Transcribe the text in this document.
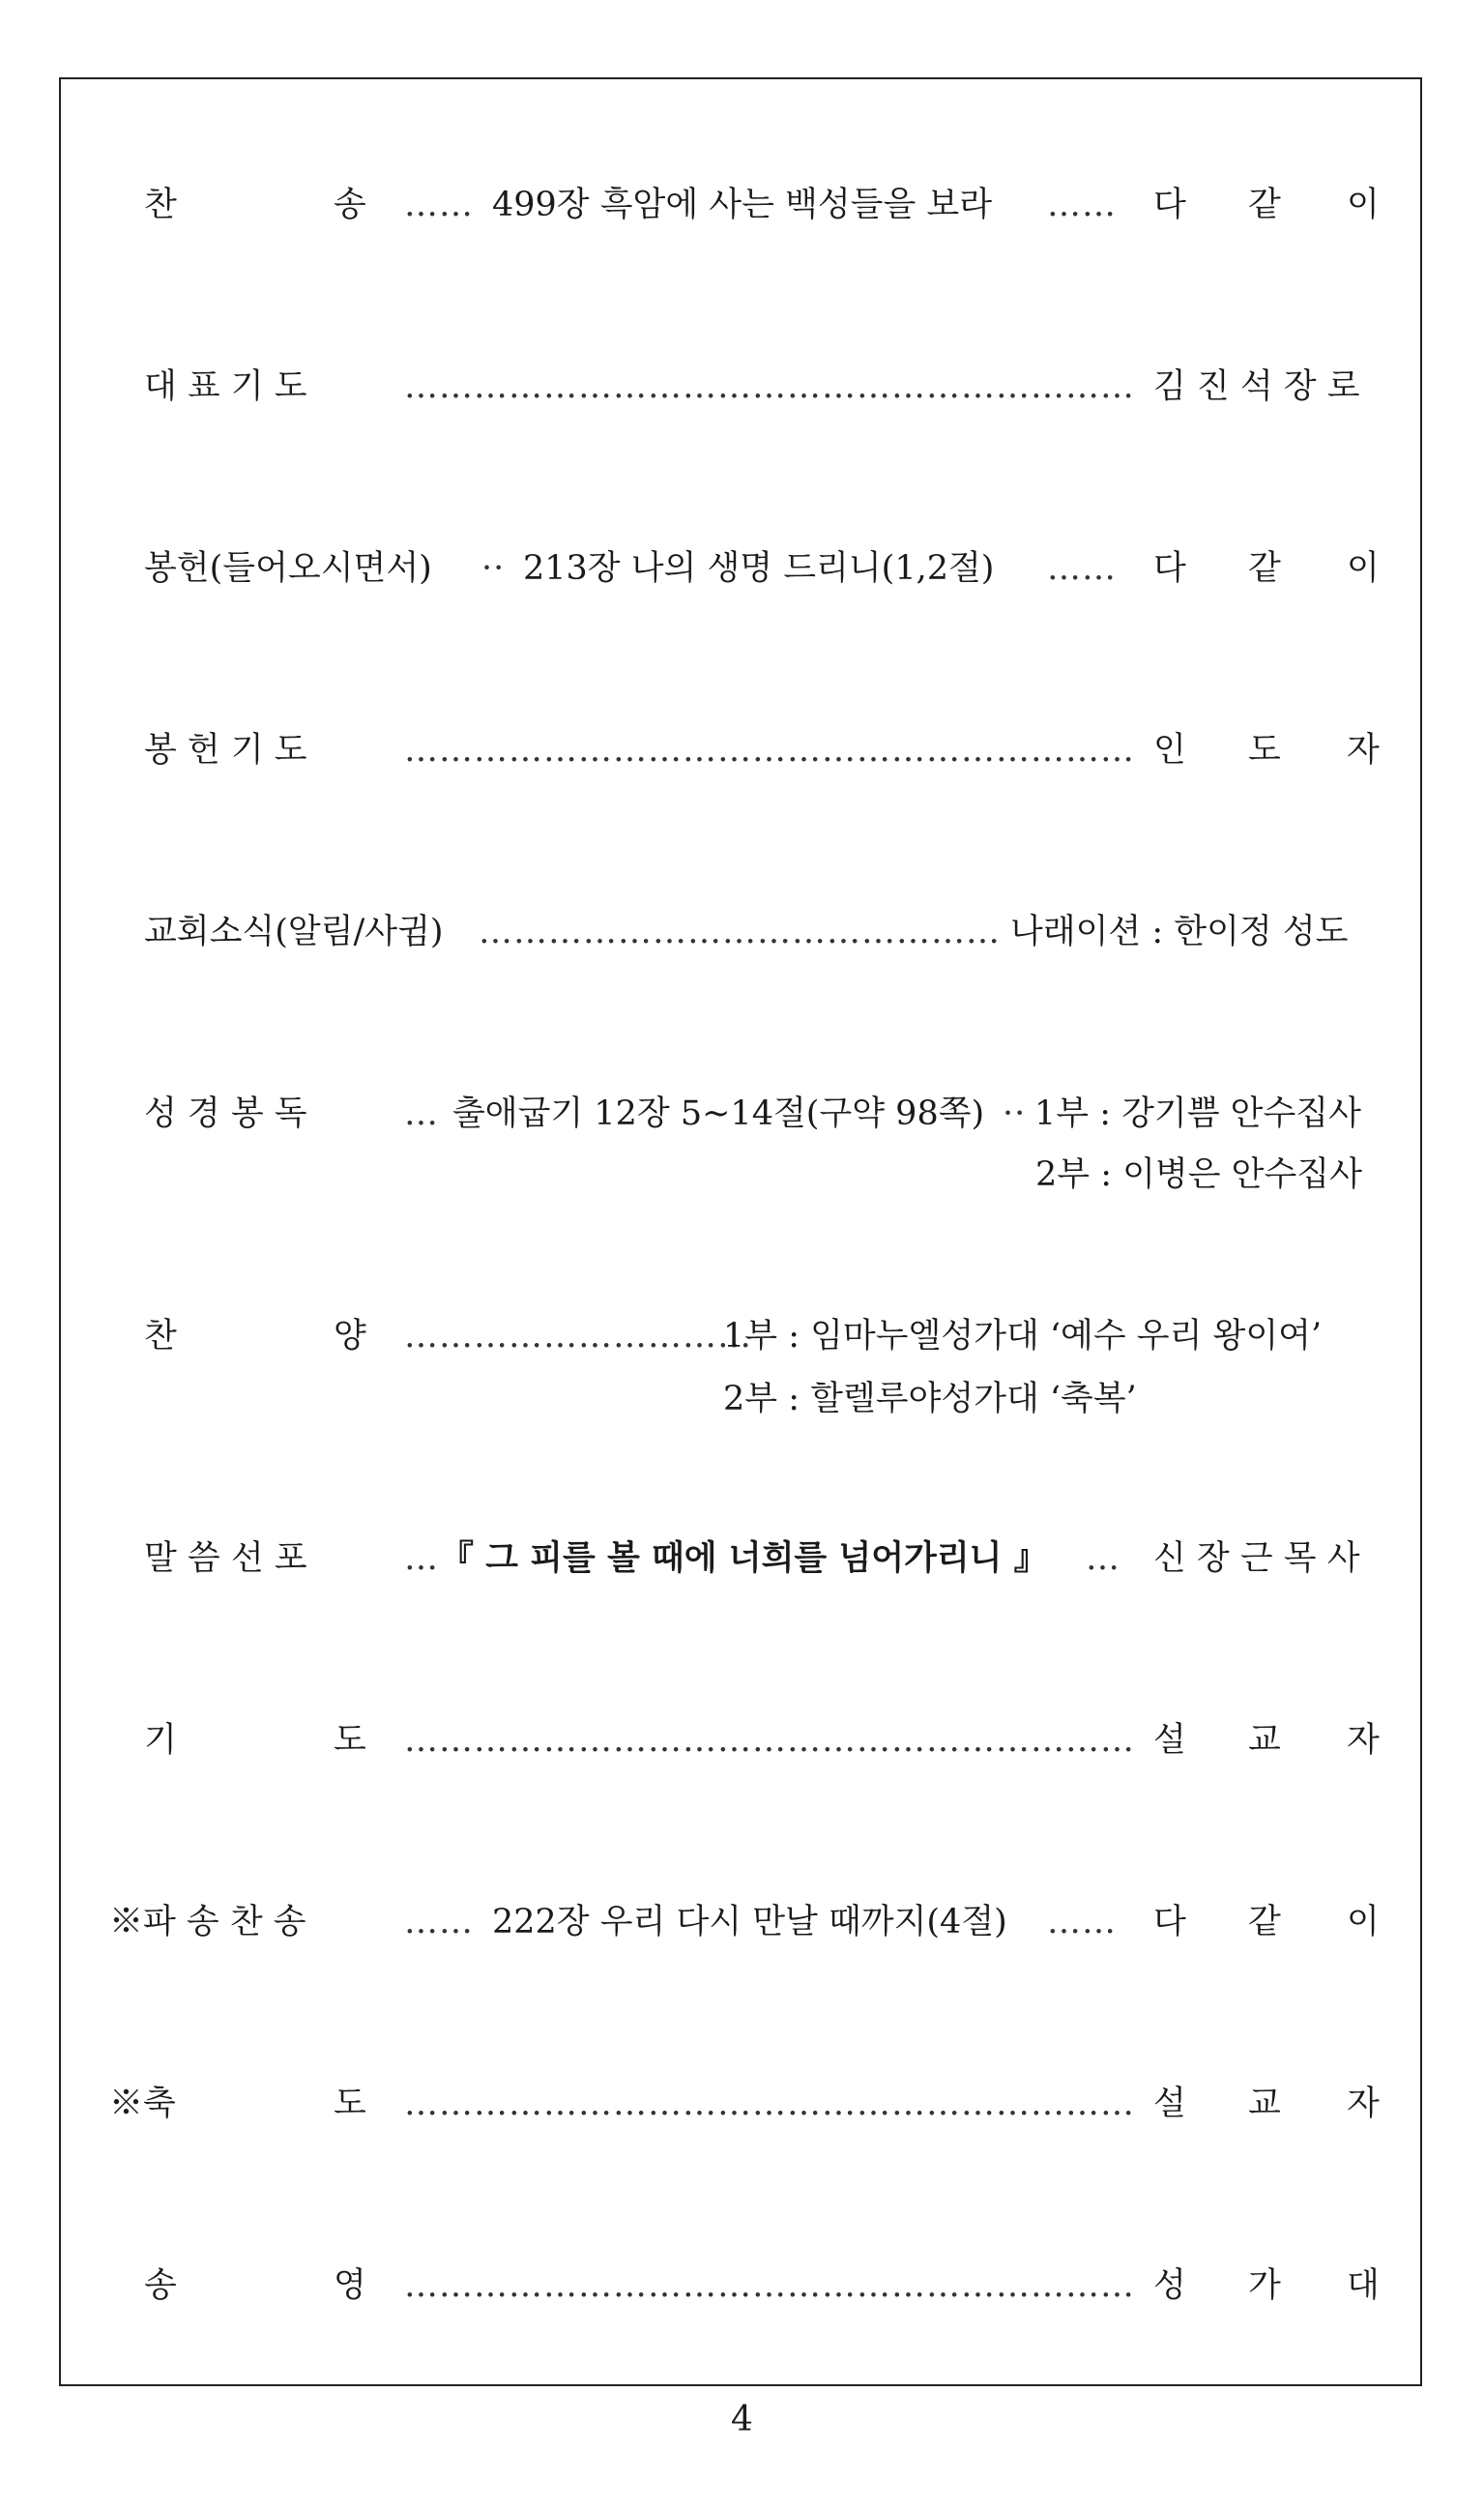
찬	송 …… 499장 흑암에 사는 백성들을 보라 …… 다 같 이
대 표 기 도	……………………………………………………… 김 진 석 장 로
봉헌(들어오시면서) ·· 213장 나의 생명 드리니(1,2절) …… 다 같 이
봉 헌 기 도	……………………………………………………… 인 도 자
교회소식(알림/사귐) ……………………………………… 나래이션 : 한이정 성도
성 경 봉 독	… 출애굽기 12장 5~14절(구약 98쪽) ·· 1부 : 강기쁨 안수집사
2부 : 이병은 안수집사
찬	양 …………………………
1부 : 임마누엘성가대 ‘예수 우리 왕이여’
2부 : 할렐루야성가대 ‘축복’
말 씀 선 포	… 『 그 피를 볼 때에 너희를 넘어가리니 』 … 신 장 근 목 사
기	도 ……………………………………………………… 설 교 자
※파 송 찬 송	…… 222장 우리 다시 만날 때까지(4절) …… 다 같 이
※축	도 ……………………………………………………… 설 교 자
송	영 ……………………………………………………… 성 가 대
4
